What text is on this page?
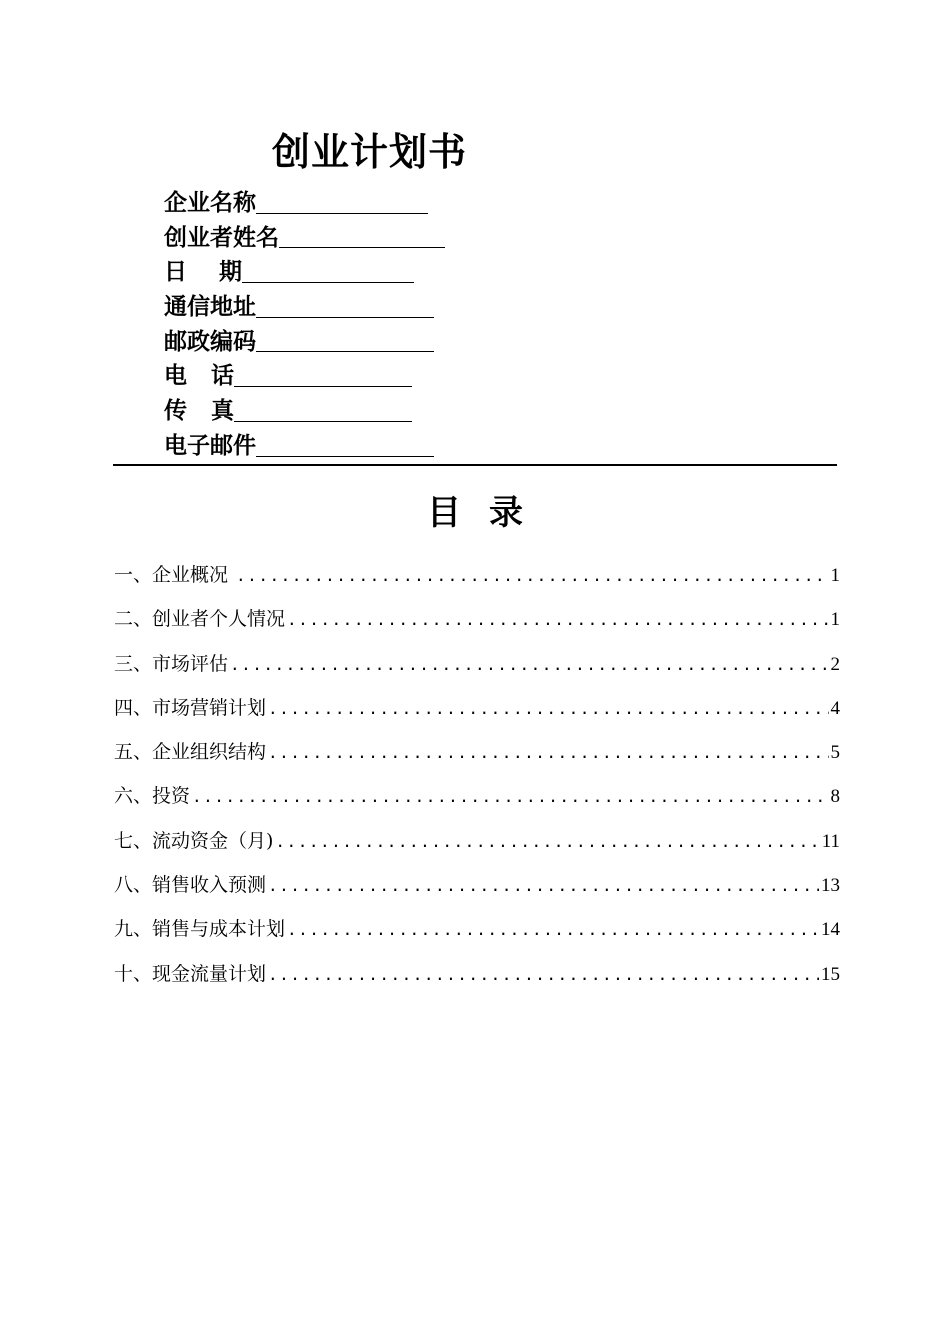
创业计划书
企业名称
创业者姓名
日    期
通信地址
邮政编码
电   话
传   真
电子邮件
目录
一、企业概况 .....	1
二、创业者个人情况 .....	1
三、市场评估 .....	2
四、市场营销计划 .....	4
五、企业组织结构 .....	5
六、投资 .....	8
七、流动资金（月) .....	11
八、销售收入预测 .....	13
九、销售与成本计划 .....	14
十、现金流量计划 .....	15
